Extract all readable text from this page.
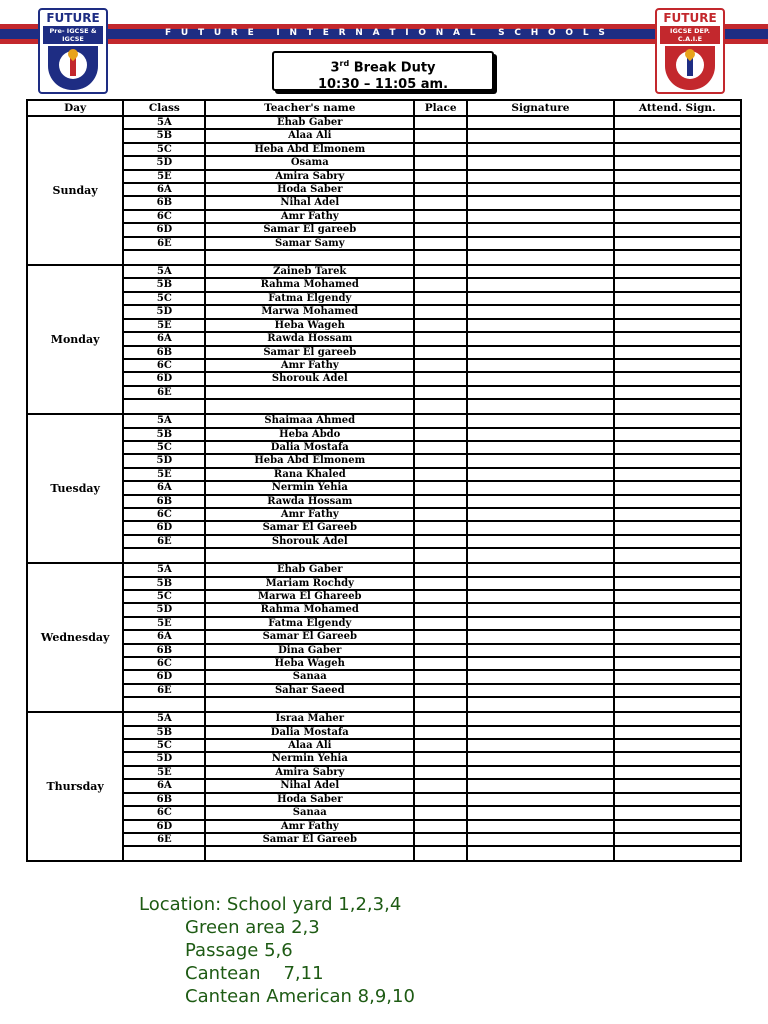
F U T U R E
	I N T E R N A T I O N A L
	S C H O O L S
FUTURE
Pre- IGCSE & IGCSE
FUTURE
IGCSE DEP. C.A.I.E
3rd Break Duty
10:30 – 11:05 am.
Day	Class	Teacher's name	Place	Signature	Attend. Sign.
Sunday	5A	Ehab Gaber			
	5B	Alaa Ali			
	5C	Heba Abd Elmonem			
	5D	Osama			
	5E	Amira Sabry			
	6A	Hoda Saber			
	6B	Nihal Adel			
	6C	Amr Fathy			
	6D	Samar El gareeb			
	6E	Samar Samy			

Monday	5A	Zaineb Tarek			
	5B	Rahma Mohamed			
	5C	Fatma Elgendy			
	5D	Marwa Mohamed			
	5E	Heba Wageh			
	6A	Rawda Hossam			
	6B	Samar El gareeb			
	6C	Amr Fathy			
	6D	Shorouk Adel			
	6E				

Tuesday	5A	Shaimaa Ahmed			
	5B	Heba Abdo			
	5C	Dalia Mostafa			
	5D	Heba Abd Elmonem			
	5E	Rana Khaled			
	6A	Nermin Yehia			
	6B	Rawda Hossam			
	6C	Amr Fathy			
	6D	Samar El Gareeb			
	6E	Shorouk Adel			

Wednesday	5A	Ehab Gaber			
	5B	Mariam Rochdy			
	5C	Marwa El Ghareeb			
	5D	Rahma Mohamed			
	5E	Fatma Elgendy			
	6A	Samar El Gareeb			
	6B	Dina Gaber			
	6C	Heba Wageh			
	6D	Sanaa			
	6E	Sahar Saeed			

Thursday	5A	Israa Maher			
	5B	Dalia Mostafa			
	5C	Alaa Ali			
	5D	Nermin Yehia			
	5E	Amira Sabry			
	6A	Nihal Adel			
	6B	Hoda Saber			
	6C	Sanaa			
	6D	Amr Fathy			
	6E	Samar El Gareeb			

Location: School yard 1,2,3,4
Green area 2,3
Passage 5,6
Cantean    7,11
Cantean American 8,9,10
